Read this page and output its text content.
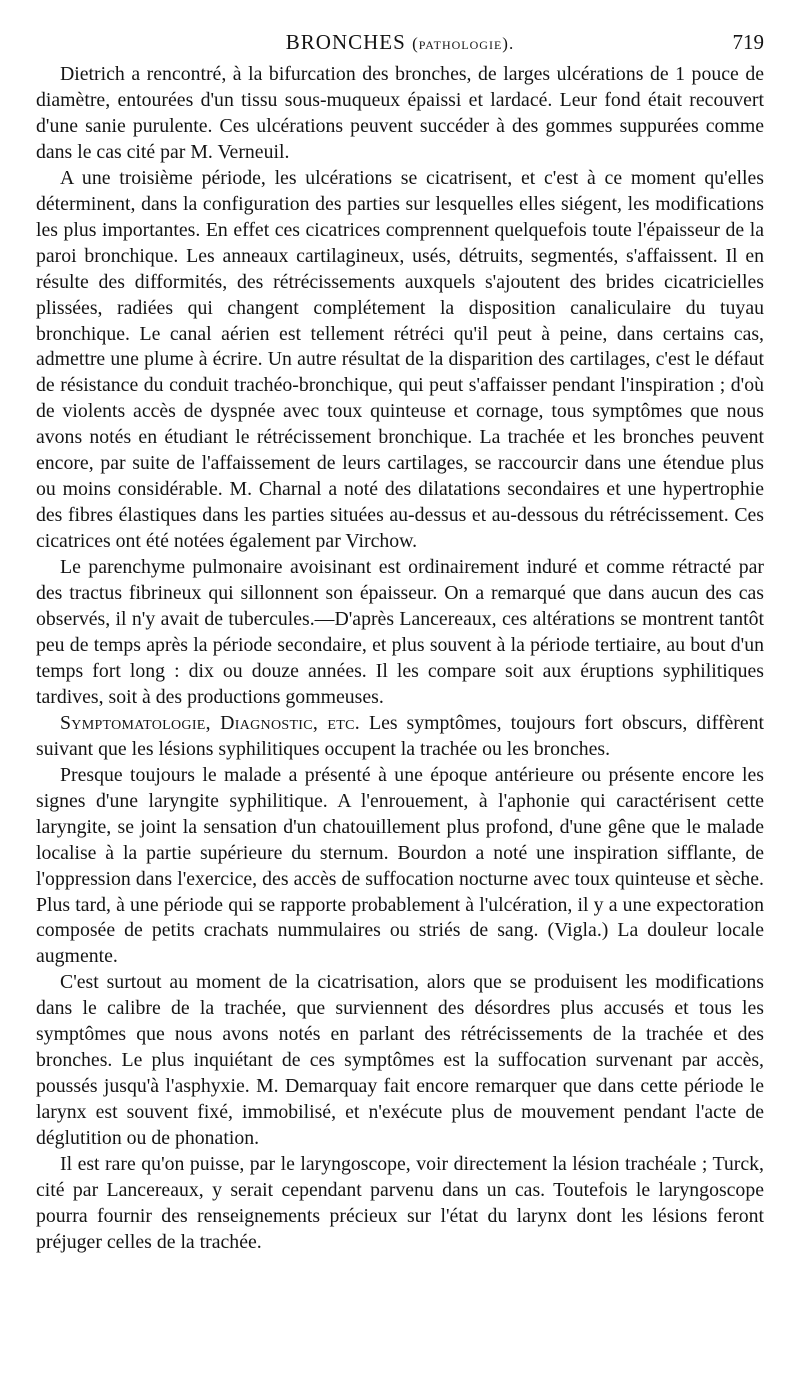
BRONCHES (pathologie).	719

Dietrich a rencontré, à la bifurcation des bronches, de larges ulcérations de 1 pouce de diamètre, entourées d'un tissu sous-muqueux épaissi et lardacé. Leur fond était recouvert d'une sanie purulente. Ces ulcérations peuvent succéder à des gommes suppurées comme dans le cas cité par M. Verneuil.

A une troisième période, les ulcérations se cicatrisent, et c'est à ce moment qu'elles déterminent, dans la configuration des parties sur lesquelles elles siégent, les modifications les plus importantes. En effet ces cicatrices comprennent quelquefois toute l'épaisseur de la paroi bronchique. Les anneaux cartilagineux, usés, détruits, segmentés, s'affaissent. Il en résulte des difformités, des rétrécissements auxquels s'ajoutent des brides cicatricielles plissées, radiées qui changent complétement la disposition canaliculaire du tuyau bronchique. Le canal aérien est tellement rétréci qu'il peut à peine, dans certains cas, admettre une plume à écrire. Un autre résultat de la disparition des cartilages, c'est le défaut de résistance du conduit trachéo-bronchique, qui peut s'affaisser pendant l'inspiration ; d'où de violents accès de dyspnée avec toux quinteuse et cornage, tous symptômes que nous avons notés en étudiant le rétrécissement bronchique. La trachée et les bronches peuvent encore, par suite de l'affaissement de leurs cartilages, se raccourcir dans une étendue plus ou moins considérable. M. Charnal a noté des dilatations secondaires et une hypertrophie des fibres élastiques dans les parties situées au-dessus et au-dessous du rétrécissement. Ces cicatrices ont été notées également par Virchow.

Le parenchyme pulmonaire avoisinant est ordinairement induré et comme rétracté par des tractus fibrineux qui sillonnent son épaisseur. On a remarqué que dans aucun des cas observés, il n'y avait de tubercules.—D'après Lancereaux, ces altérations se montrent tantôt peu de temps après la période secondaire, et plus souvent à la période tertiaire, au bout d'un temps fort long : dix ou douze années. Il les compare soit aux éruptions syphilitiques tardives, soit à des productions gommeuses.

Symptomatologie, Diagnostic, etc. Les symptômes, toujours fort obscurs, diffèrent suivant que les lésions syphilitiques occupent la trachée ou les bronches.

Presque toujours le malade a présenté à une époque antérieure ou présente encore les signes d'une laryngite syphilitique. A l'enrouement, à l'aphonie qui caractérisent cette laryngite, se joint la sensation d'un chatouillement plus profond, d'une gêne que le malade localise à la partie supérieure du sternum. Bourdon a noté une inspiration sifflante, de l'oppression dans l'exercice, des accès de suffocation nocturne avec toux quinteuse et sèche. Plus tard, à une période qui se rapporte probablement à l'ulcération, il y a une expectoration composée de petits crachats nummulaires ou striés de sang. (Vigla.) La douleur locale augmente.

C'est surtout au moment de la cicatrisation, alors que se produisent les modifications dans le calibre de la trachée, que surviennent des désordres plus accusés et tous les symptômes que nous avons notés en parlant des rétrécissements de la trachée et des bronches. Le plus inquiétant de ces symptômes est la suffocation survenant par accès, poussés jusqu'à l'asphyxie. M. Demarquay fait encore remarquer que dans cette période le larynx est souvent fixé, immobilisé, et n'exécute plus de mouvement pendant l'acte de déglutition ou de phonation.

Il est rare qu'on puisse, par le laryngoscope, voir directement la lésion trachéale ; Turck, cité par Lancereaux, y serait cependant parvenu dans un cas. Toutefois le laryngoscope pourra fournir des renseignements précieux sur l'état du larynx dont les lésions feront préjuger celles de la trachée.
